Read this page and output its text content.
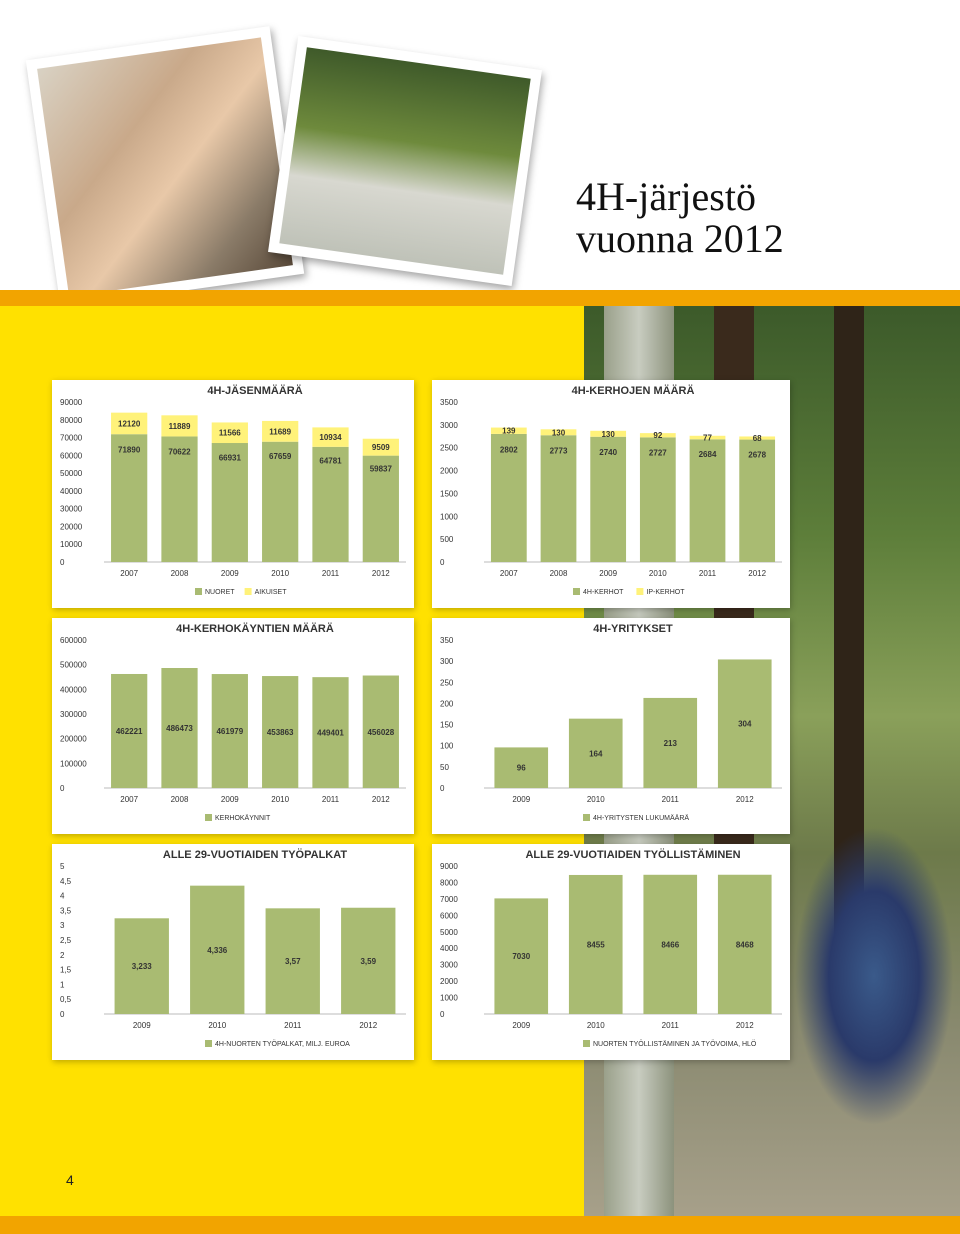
4H-järjestö
vuonna 2012
4H-JÄSENMÄÄRÄ
0
10000
20000
30000
40000
50000
60000
70000
80000
90000
71890
12120
2007
70622
11889
2008
66931
11566
2009
67659
11689
2010
64781
10934
2011
59837
9509
2012
NUORET	AIKUISET
4H-KERHOJEN MÄÄRÄ
0
500
1000
1500
2000
2500
3000
3500
2802
139
2007
2773
130
2008
2740
130
2009
2727
92
2010
2684
77
2011
2678
68
2012
4H-KERHOT	IP-KERHOT
4H-KERHOKÄYNTIEN MÄÄRÄ
0
100000
200000
300000
400000
500000
600000
462221
2007
486473
2008
461979
2009
453863
2010
449401
2011
456028
2012
KERHOKÄYNNIT
4H-YRITYKSET
0
50
100
150
200
250
300
350
96
2009
164
2010
213
2011
304
2012
4H-YRITYSTEN LUKUMÄÄRÄ
ALLE 29-VUOTIAIDEN TYÖPALKAT
0
0,5
1
1,5
2
2,5
3
3,5
4
4,5
5
3,233
2009
4,336
2010
3,57
2011
3,59
2012
4H-NUORTEN TYÖPALKAT, MILJ. EUROA
ALLE 29-VUOTIAIDEN TYÖLLISTÄMINEN
0
1000
2000
3000
4000
5000
6000
7000
8000
9000
7030
2009
8455
2010
8466
2011
8468
2012
NUORTEN TYÖLLISTÄMINEN JA TYÖVOIMA, HLÖ
4
